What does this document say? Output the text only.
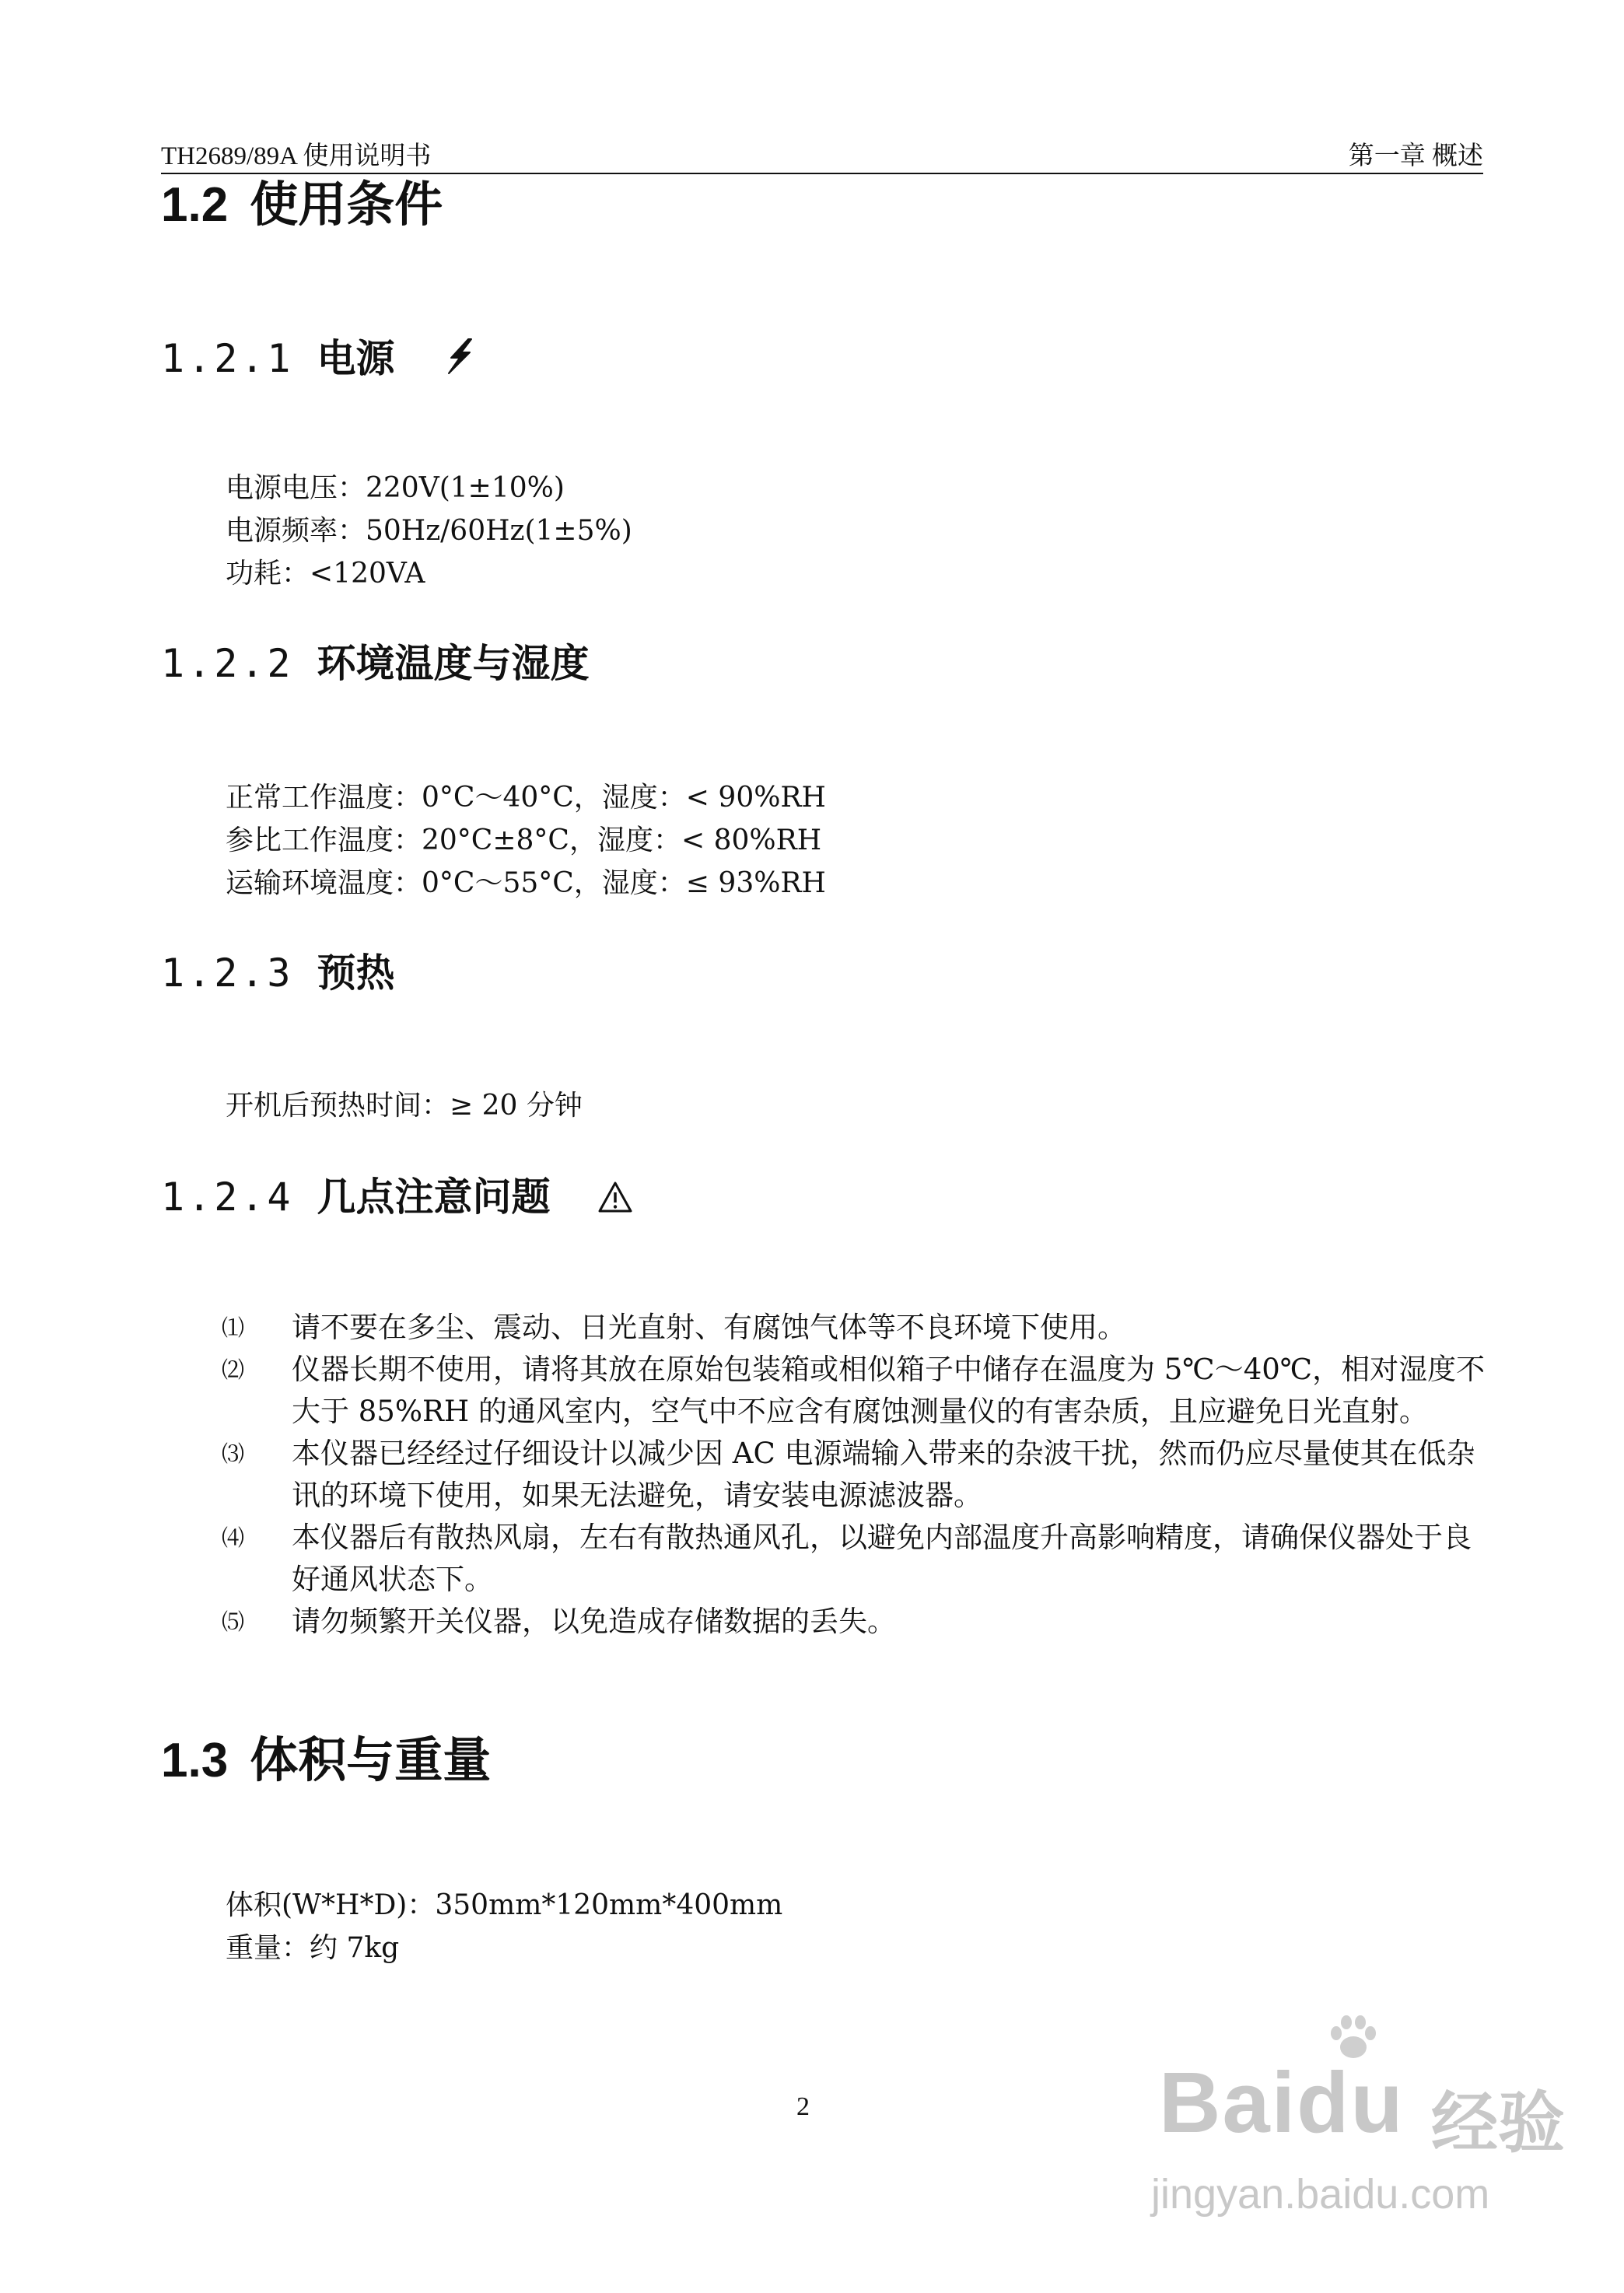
TH2689/89A 使用说明书	第一章 概述
1.2 使用条件
1.2.1 电源

电源电压：220V(1±10%)

电源频率：50Hz/60Hz(1±5%)

功耗：<120VA

1.2.2 环境温度与湿度

正常工作温度：0°C～40°C，湿度：< 90%RH

参比工作温度：20°C±8°C，湿度：< 80%RH

运输环境温度：0°C～55°C，湿度：≤ 93%RH

1.2.3 预热

开机后预热时间：≥ 20 分钟

1.2.4 几点注意问题
⑴ 请不要在多尘、震动、日光直射、有腐蚀气体等不良环境下使用。
⑵ 仪器长期不使用，请将其放在原始包装箱或相似箱子中储存在温度为 5℃～40℃，相对湿度不大于 85%RH 的通风室内，空气中不应含有腐蚀测量仪的有害杂质，且应避免日光直射。
⑶ 本仪器已经经过仔细设计以减少因 AC 电源端输入带来的杂波干扰，然而仍应尽量使其在低杂讯的环境下使用，如果无法避免，请安装电源滤波器。
⑷ 本仪器后有散热风扇，左右有散热通风孔，以避免内部温度升高影响精度，请确保仪器处于良好通风状态下。
⑸ 请勿频繁开关仪器，以免造成存储数据的丢失。
1.3 体积与重量

体积(W*H*D)：350mm*120mm*400mm

重量：约 7kg

2	Baidu 经验
jingyan.baidu.com
